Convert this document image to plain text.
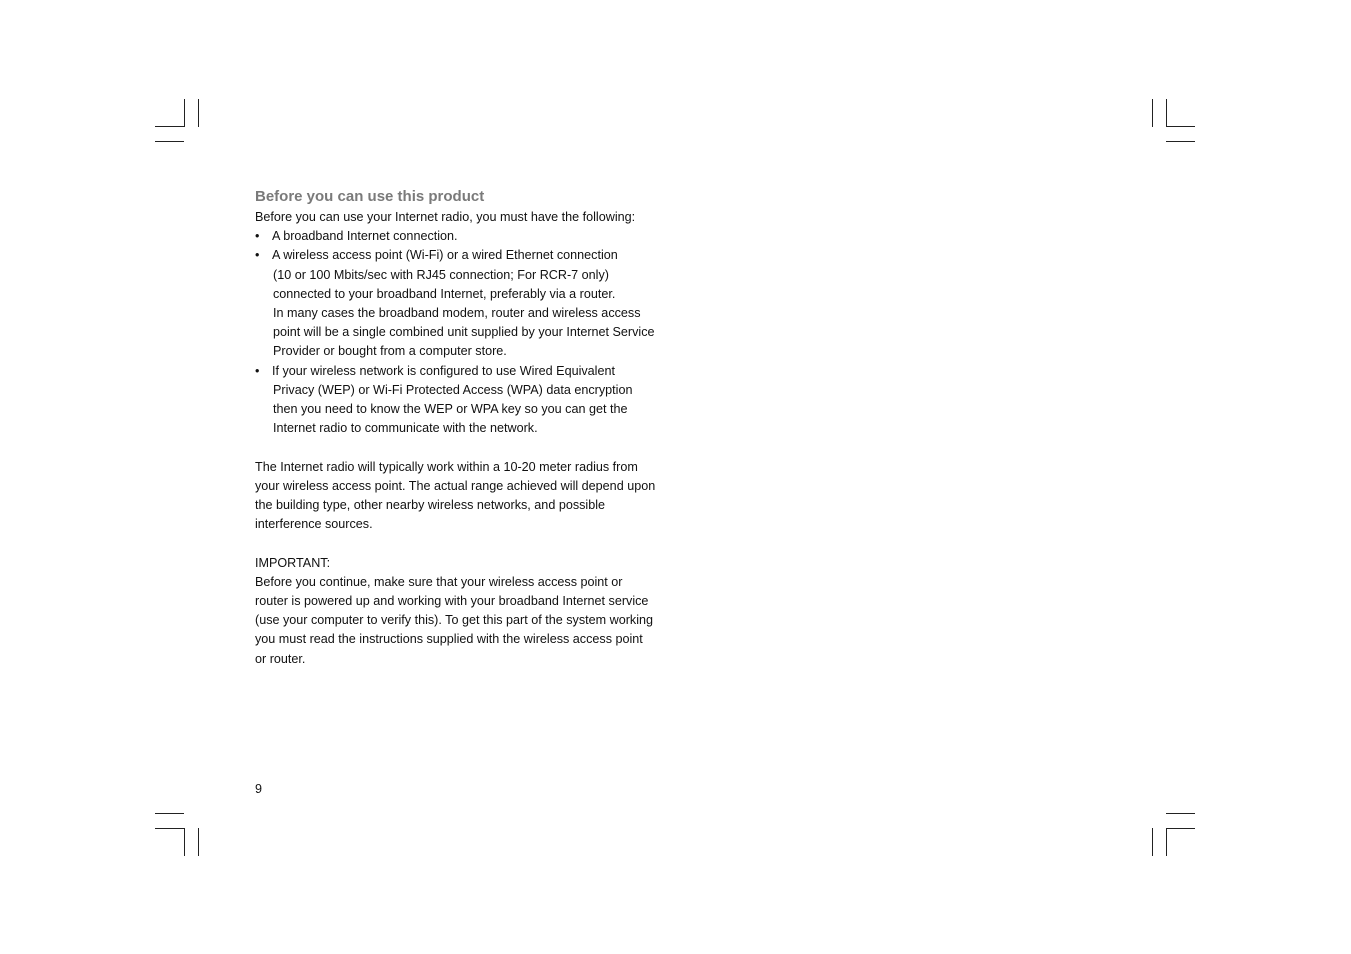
Before you can use this product
Before you can use your Internet radio, you must have the following:
• A broadband Internet connection.
• A wireless access point (Wi-Fi) or a wired Ethernet connection
(10 or 100 Mbits/sec with RJ45 connection; For RCR-7 only)
connected to your broadband Internet, preferably via a router.
In many cases the broadband modem, router and wireless access
point will be a single combined unit supplied by your Internet Service
Provider or bought from a computer store.
• If your wireless network is configured to use Wired Equivalent
Privacy (WEP) or Wi-Fi Protected Access (WPA) data encryption
then you need to know the WEP or WPA key so you can get the
Internet radio to communicate with the network.
The Internet radio will typically work within a 10-20 meter radius from
your wireless access point. The actual range achieved will depend upon
the building type, other nearby wireless networks, and possible
interference sources.
IMPORTANT:
Before you continue, make sure that your wireless access point or
router is powered up and working with your broadband Internet service
(use your computer to verify this). To get this part of the system working
you must read the instructions supplied with the wireless access point
or router.
9
